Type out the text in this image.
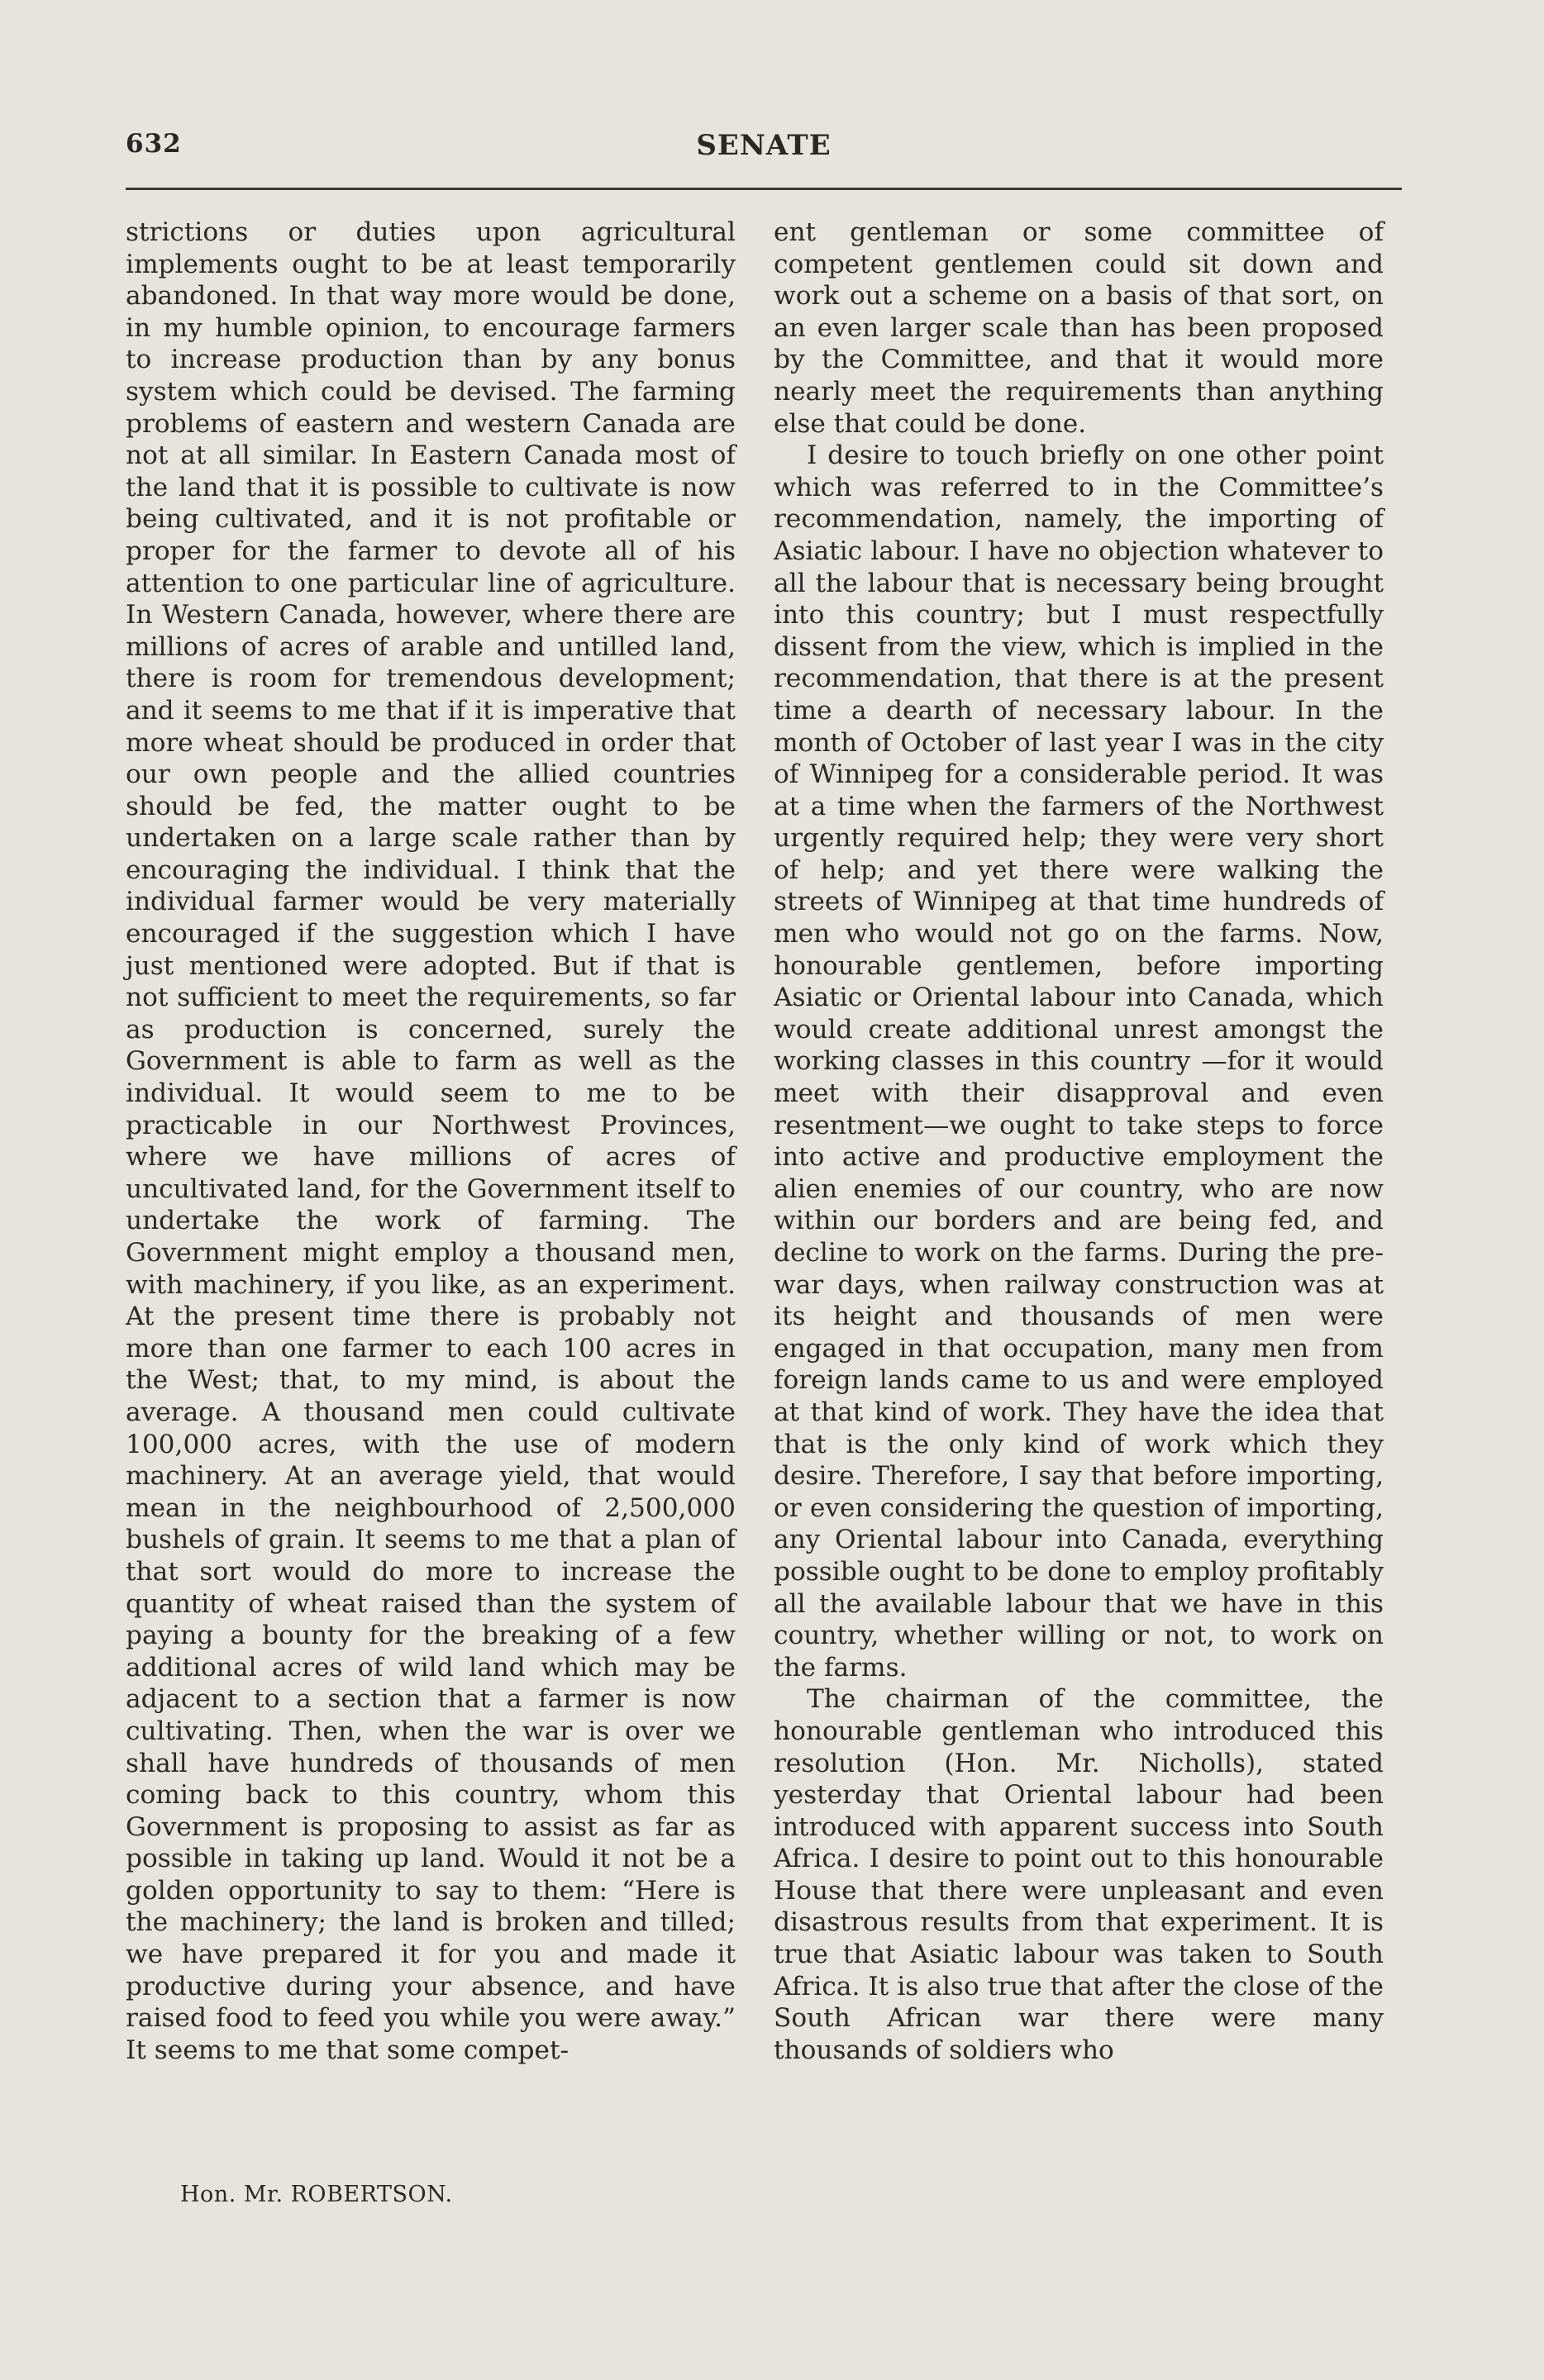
632	SENATE

strictions or duties upon agricultural implements ought to be at least temporarily abandoned. In that way more would be done, in my humble opinion, to encourage farmers to increase production than by any bonus system which could be devised. The farming problems of eastern and western Canada are not at all similar. In Eastern Canada most of the land that it is possible to cultivate is now being cultivated, and it is not profitable or proper for the farmer to devote all of his attention to one particular line of agriculture. In Western Canada, however, where there are millions of acres of arable and untilled land, there is room for tremendous development; and it seems to me that if it is imperative that more wheat should be produced in order that our own people and the allied countries should be fed, the matter ought to be undertaken on a large scale rather than by encouraging the individual. I think that the individual farmer would be very materially encouraged if the suggestion which I have just mentioned were adopted. But if that is not sufficient to meet the requirements, so far as production is concerned, surely the Government is able to farm as well as the individual. It would seem to me to be practicable in our Northwest Provinces, where we have millions of acres of uncultivated land, for the Government itself to undertake the work of farming. The Government might employ a thousand men, with machinery, if you like, as an experiment. At the present time there is probably not more than one farmer to each 100 acres in the West; that, to my mind, is about the average. A thousand men could cultivate 100,000 acres, with the use of modern machinery. At an average yield, that would mean in the neighbourhood of 2,500,000 bushels of grain. It seems to me that a plan of that sort would do more to increase the quantity of wheat raised than the system of paying a bounty for the breaking of a few additional acres of wild land which may be adjacent to a section that a farmer is now cultivating. Then, when the war is over we shall have hundreds of thousands of men coming back to this country, whom this Government is proposing to assist as far as possible in taking up land. Would it not be a golden opportunity to say to them: “Here is the machinery; the land is broken and tilled; we have prepared it for you and made it productive during your absence, and have raised food to feed you while you were away.” It seems to me that some compet-

ent gentleman or some committee of competent gentlemen could sit down and work out a scheme on a basis of that sort, on an even larger scale than has been proposed by the Committee, and that it would more nearly meet the requirements than anything else that could be done.

I desire to touch briefly on one other point which was referred to in the Committee’s recommendation, namely, the importing of Asiatic labour. I have no objection whatever to all the labour that is necessary being brought into this country; but I must respectfully dissent from the view, which is implied in the recommendation, that there is at the present time a dearth of necessary labour. In the month of October of last year I was in the city of Winnipeg for a considerable period. It was at a time when the farmers of the Northwest urgently required help; they were very short of help; and yet there were walking the streets of Winnipeg at that time hundreds of men who would not go on the farms. Now, honourable gentlemen, before importing Asiatic or Oriental labour into Canada, which would create additional unrest amongst the working classes in this country —for it would meet with their disapproval and even resentment—we ought to take steps to force into active and productive employment the alien enemies of our country, who are now within our borders and are being fed, and decline to work on the farms. During the pre-war days, when railway construction was at its height and thousands of men were engaged in that occupation, many men from foreign lands came to us and were employed at that kind of work. They have the idea that that is the only kind of work which they desire. Therefore, I say that before importing, or even considering the question of importing, any Oriental labour into Canada, everything possible ought to be done to employ profitably all the available labour that we have in this country, whether willing or not, to work on the farms.

The chairman of the committee, the honourable gentleman who introduced this resolution (Hon. Mr. Nicholls), stated yesterday that Oriental labour had been introduced with apparent success into South Africa. I desire to point out to this honourable House that there were unpleasant and even disastrous results from that experiment. It is true that Asiatic labour was taken to South Africa. It is also true that after the close of the South African war there were many thousands of soldiers who

Hon. Mr. ROBERTSON.
